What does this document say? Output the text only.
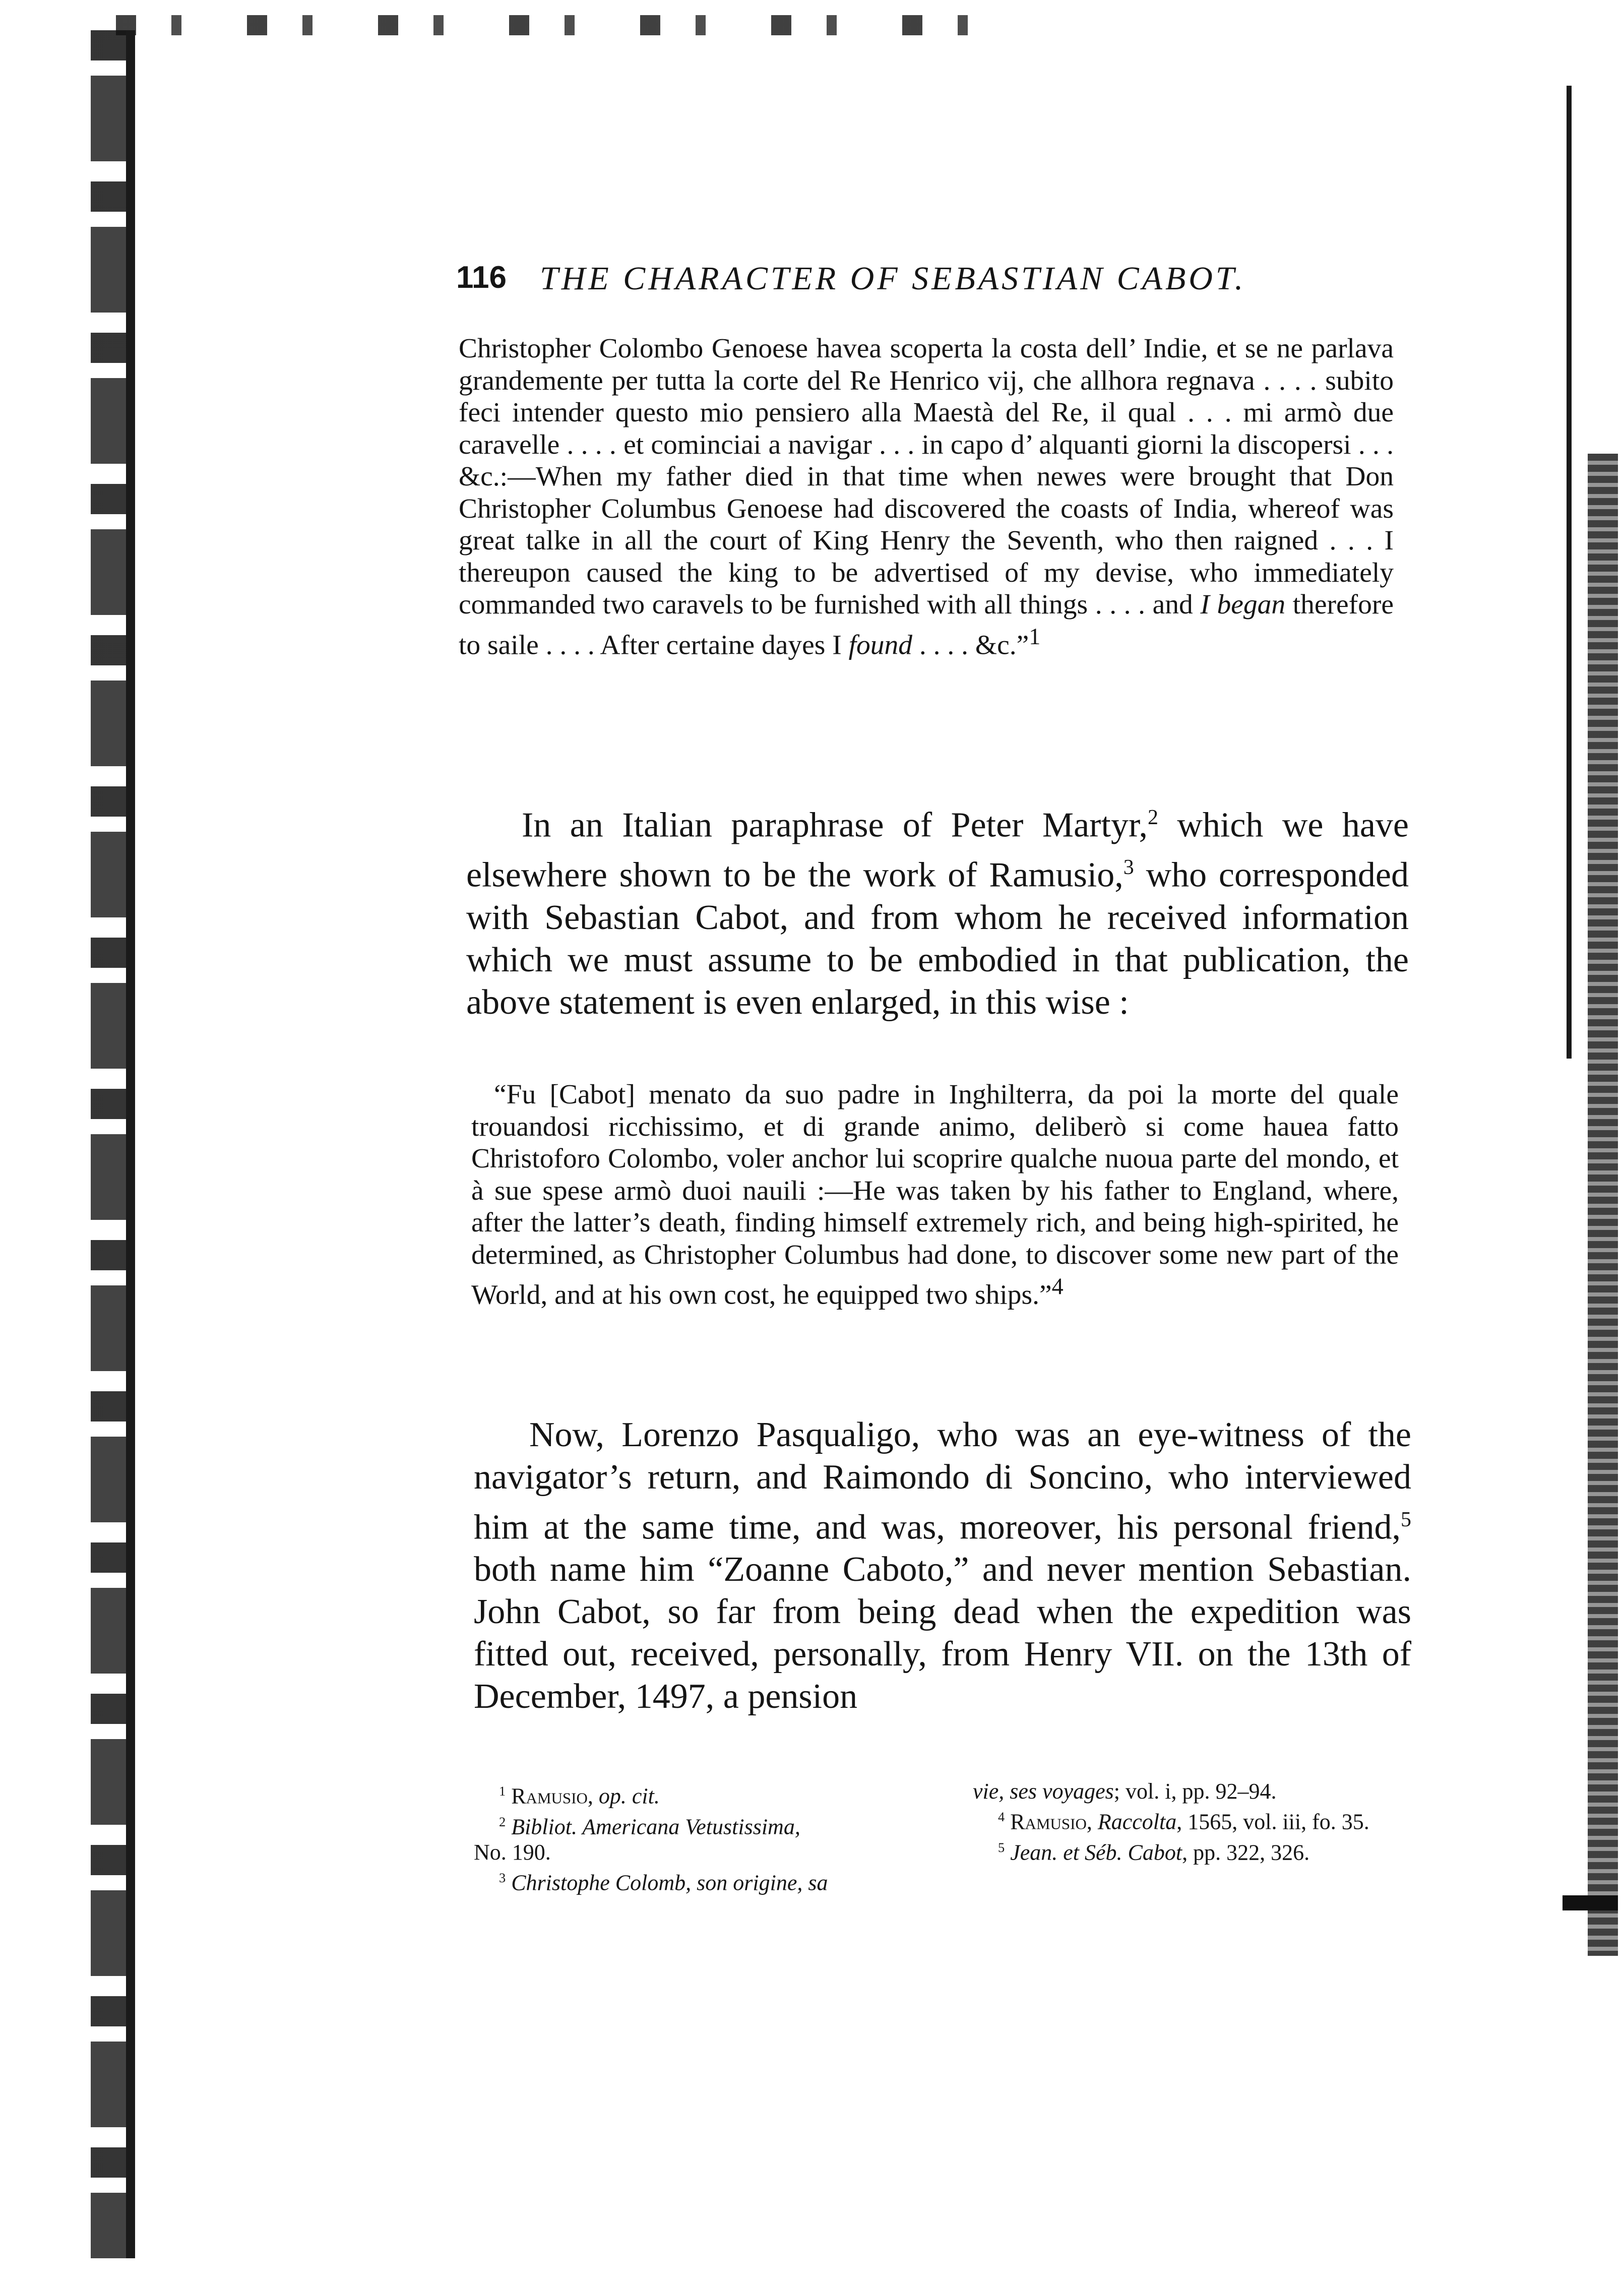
116 THE CHARACTER OF SEBASTIAN CABOT.

Christopher Colombo Genoese havea scoperta la costa dell’ Indie, et se ne parlava grandemente per tutta la corte del Re Henrico vij, che allhora regnava . . . . subito feci intender questo mio pensiero alla Maestà del Re, il qual . . . mi armò due caravelle . . . . et cominciai a navigar . . . in capo d’ alquanti giorni la discopersi . . . &c.:—When my father died in that time when newes were brought that Don Christopher Columbus Genoese had discovered the coasts of India, whereof was great talke in all the court of King Henry the Seventh, who then raigned . . . I thereupon caused the king to be advertised of my devise, who immediately commanded two caravels to be furnished with all things . . . . and I began therefore to saile . . . . After certaine dayes I found . . . . &c.”$^1$

In an Italian paraphrase of Peter Martyr,$^2$ which we have elsewhere shown to be the work of Ramusio,$^3$ who corresponded with Sebastian Cabot, and from whom he received information which we must assume to be embodied in that publication, the above statement is even enlarged, in this wise :

“Fu [Cabot] menato da suo padre in Inghilterra, da poi la morte del quale trouandosi ricchissimo, et di grande animo, deliberò si come hauea fatto Christoforo Colombo, voler anchor lui scoprire qualche nuoua parte del mondo, et à sue spese armò duoi nauili :—He was taken by his father to England, where, after the latter’s death, finding himself extremely rich, and being high-spirited, he determined, as Christopher Columbus had done, to discover some new part of the World, and at his own cost, he equipped two ships.”$^4$

Now, Lorenzo Pasqualigo, who was an eye-witness of the navigator’s return, and Raimondo di Soncino, who interviewed him at the same time, and was, moreover, his personal friend,$^5$ both name him “Zoanne Caboto,” and never mention Sebastian. John Cabot, so far from being dead when the expedition was fitted out, received, personally, from Henry VII. on the 13th of December, 1497, a pension

$^1$ Ramusio, op. cit.
$^2$ Bibliot. Americana Vetustissima,
No. 190.
$^3$ Christophe Colomb, son origine, sa
vie, ses voyages; vol. i, pp. 92–94.
$^4$ Ramusio, Raccolta, 1565, vol. iii, fo. 35.
$^5$ Jean. et Séb. Cabot, pp. 322, 326.
